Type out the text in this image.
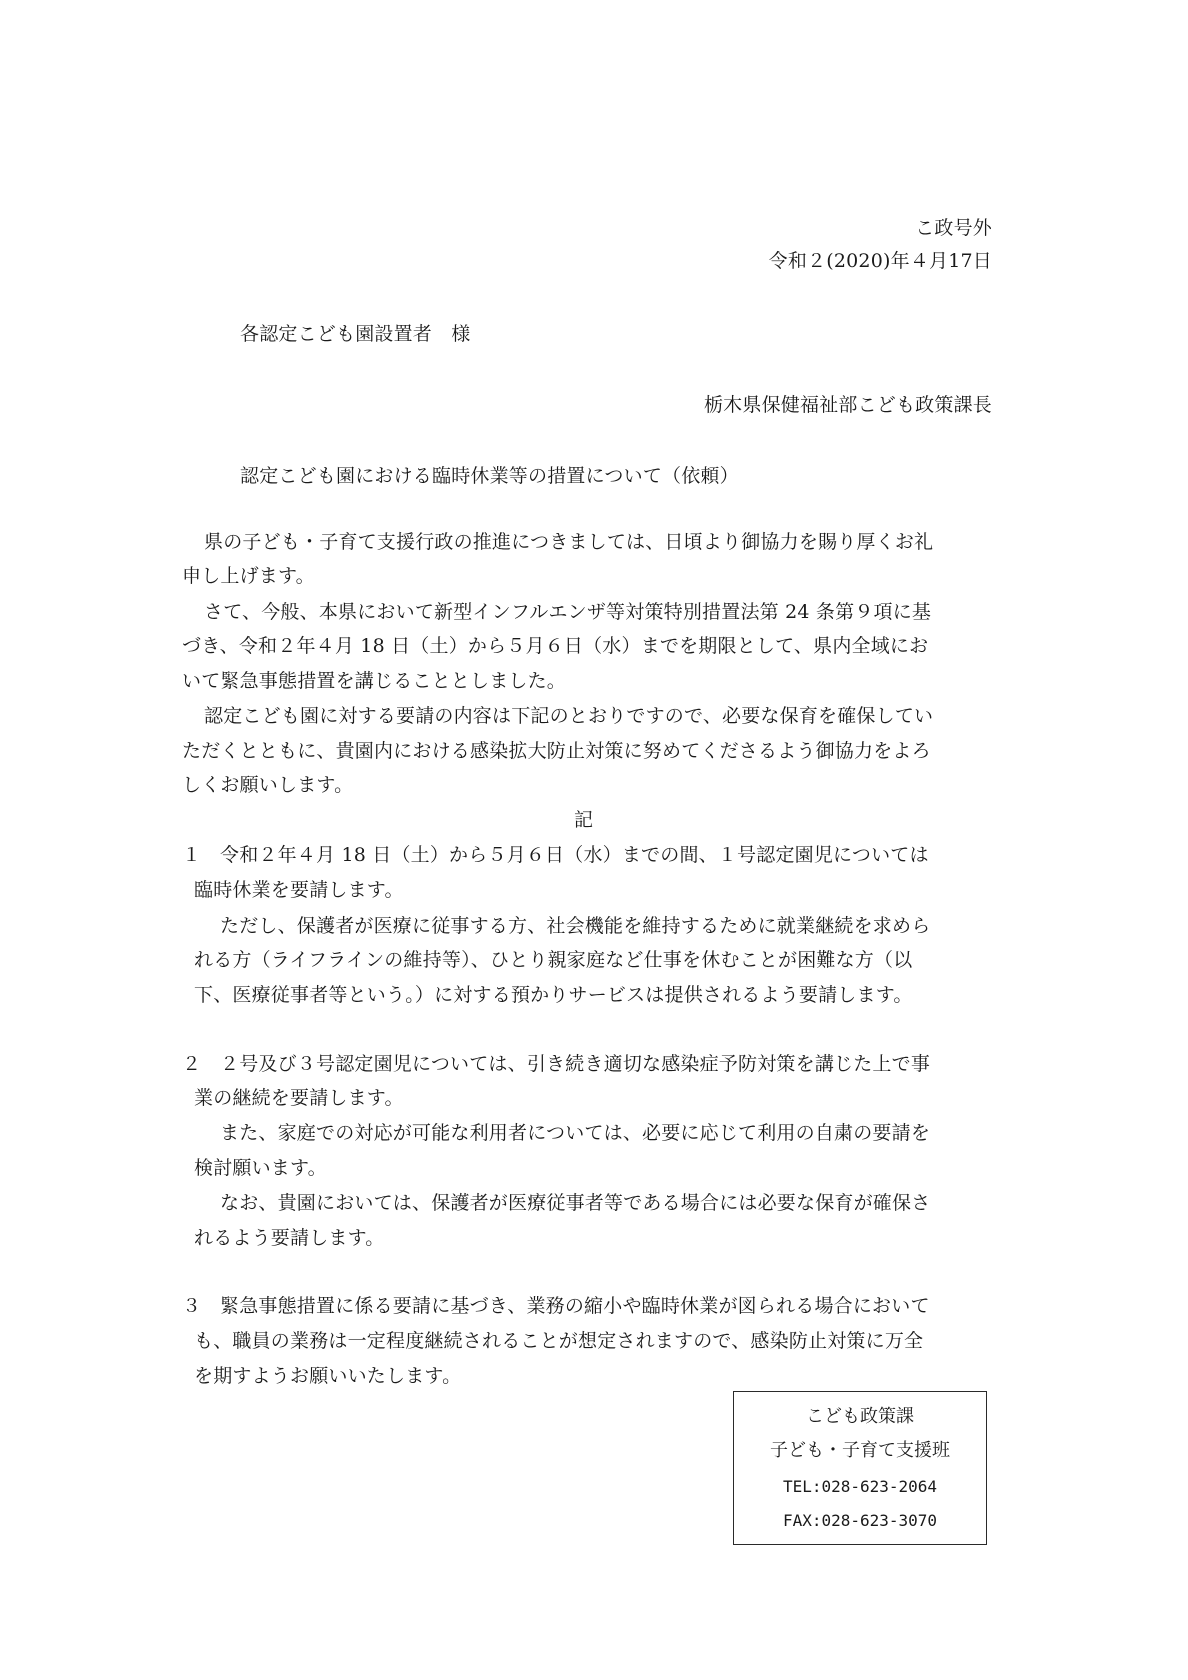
こ政号外
令和２(2020)年４月17日
各認定こども園設置者　様
栃木県保健福祉部こども政策課長
認定こども園における臨時休業等の措置について（依頼）
県の子ども・子育て支援行政の推進につきましては、日頃より御協力を賜り厚くお礼
申し上げます。
さて、今般、本県において新型インフルエンザ等対策特別措置法第 24 条第９項に基
づき、令和２年４月 18 日（土）から５月６日（水）までを期限として、県内全域にお
いて緊急事態措置を講じることとしました。
認定こども園に対する要請の内容は下記のとおりですので、必要な保育を確保してい
ただくとともに、貴園内における感染拡大防止対策に努めてくださるよう御協力をよろ
しくお願いします。
記
１ 令和２年４月 18 日（土）から５月６日（水）までの間、１号認定園児については
臨時休業を要請します。
ただし、保護者が医療に従事する方、社会機能を維持するために就業継続を求めら
れる方（ライフラインの維持等）、ひとり親家庭など仕事を休むことが困難な方（以
下、医療従事者等という。）に対する預かりサービスは提供されるよう要請します。
２ ２号及び３号認定園児については、引き続き適切な感染症予防対策を講じた上で事
業の継続を要請します。
また、家庭での対応が可能な利用者については、必要に応じて利用の自粛の要請を
検討願います。
なお、貴園においては、保護者が医療従事者等である場合には必要な保育が確保さ
れるよう要請します。
３ 緊急事態措置に係る要請に基づき、業務の縮小や臨時休業が図られる場合において
も、職員の業務は一定程度継続されることが想定されますので、感染防止対策に万全
を期すようお願いいたします。
こども政策課
子ども・子育て支援班
TEL:028-623-2064
FAX:028-623-3070
